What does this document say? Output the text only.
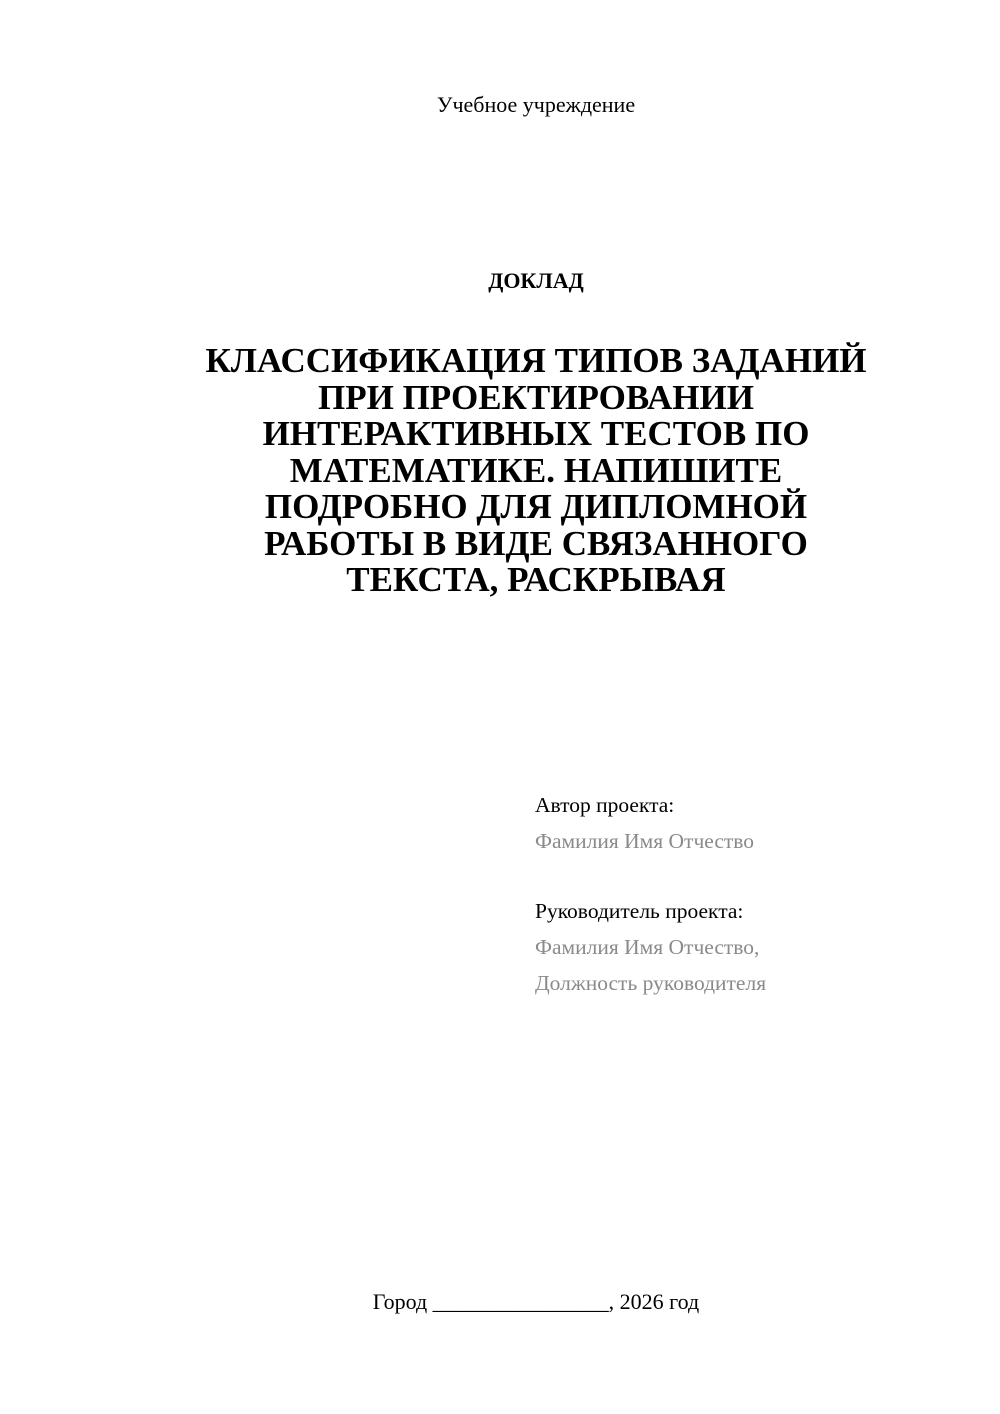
Учебное учреждение
ДОКЛАД
КЛАССИФИКАЦИЯ ТИПОВ ЗАДАНИЙ
ПРИ ПРОЕКТИРОВАНИИ
ИНТЕРАКТИВНЫХ ТЕСТОВ ПО
МАТЕМАТИКЕ. НАПИШИТЕ
ПОДРОБНО ДЛЯ ДИПЛОМНОЙ
РАБОТЫ В ВИДЕ СВЯЗАННОГО
ТЕКСТА, РАСКРЫВАЯ
Автор проекта:
Фамилия Имя Отчество
Руководитель проекта:
Фамилия Имя Отчество,
Должность руководителя
Город ________________, 2026 год
